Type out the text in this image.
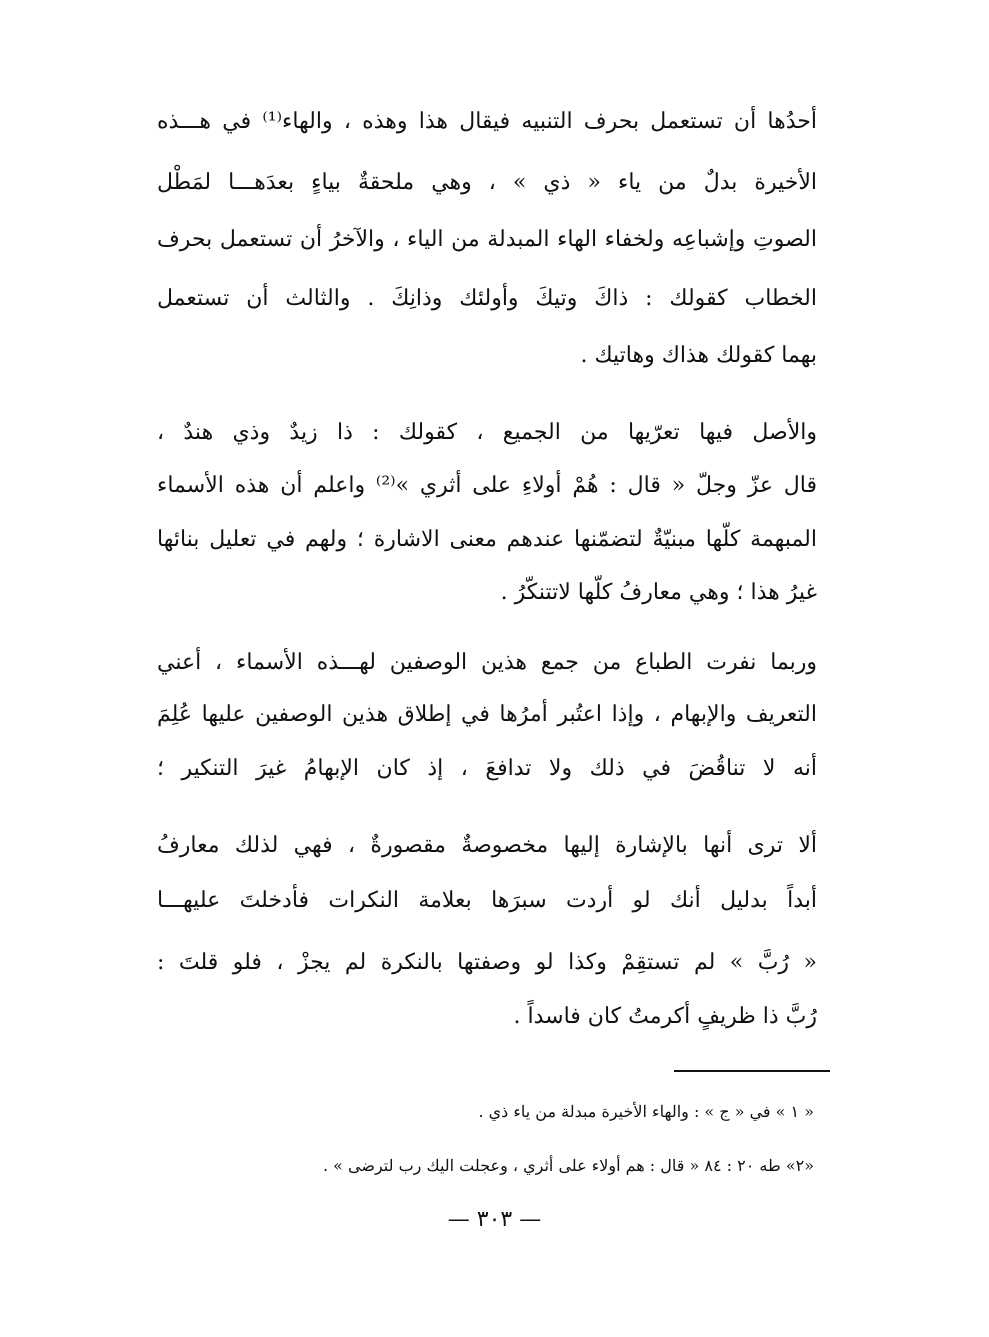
أحدُها أن تستعمل بحرف التنبيه فيقال هذا وهذه ، والهاء⁽¹⁾ في هـــذه
الأخيرة بدلٌ من ياء « ذي » ، وهي ملحقةٌ بياءٍ بعدَهـــا لمَطْل
الصوتِ وإشباعِه ولخفاء الهاء المبدلة من الياء ، والآخرُ أن تستعمل بحرف
الخطاب كقولك : ذاكَ وتيكَ وأولئك وذانِكَ . والثالث أن تستعمل
بهما كقولك هذاك وهاتيك .
والأصل فيها تعرّيها من الجميع ، كقولك : ذا زيدٌ وذي هندٌ ،
قال عزّ وجلّ « قال : هُمْ أولاءِ على أثري »⁽²⁾ واعلم أن هذه الأسماء
المبهمة كلّها مبنيّةٌ لتضمّنها عندهم معنى الاشارة ؛ ولهم في تعليل بنائها
غيرُ هذا ؛ وهي معارفُ كلّها لاتتنكّرُ .
وربما نفرت الطباع من جمع هذين الوصفين لهـــذه الأسماء ، أعني
التعريف والإبهام ، وإذا اعتُبر أمرُها في إطلاق هذين الوصفين عليها عُلِمَ
أنه لا تناقُضَ في ذلك ولا تدافعَ ، إذ كان الإبهامُ غيرَ التنكير ؛
ألا ترى أنها بالإشارة إليها مخصوصةٌ مقصورةٌ ، فهي لذلك معارفُ
أبداً بدليل أنك لو أردت سبرَها بعلامة النكرات فأدخلتَ عليهـــا
« رُبَّ » لم تستقِمْ وكذا لو وصفتها بالنكرة لم يجزْ ، فلو قلتَ :
رُبَّ ذا ظريفٍ أكرمتُ كان فاسداً .
« ١ » في « ج » : والهاء الأخيرة مبدلة من ياء ذي .
«٢» طه ٢٠ : ٨٤ « قال : هم أولاء على أثري ، وعجلت اليك رب لترضى » .
— ٣٠٣ —
